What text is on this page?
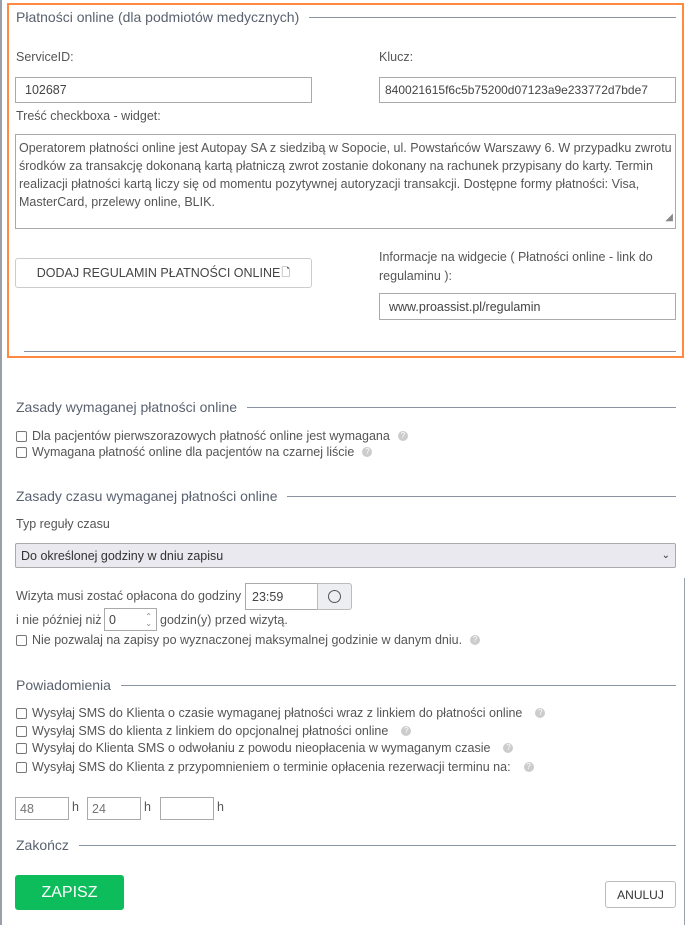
Płatności online (dla podmiotów medycznych)
ServiceID:
102687
Klucz:
840021615f6c5b75200d07123a9e233772d7bde7
Treść checkboxa - widget:
Operatorem płatności online jest Autopay SA z siedzibą w Sopocie, ul. Powstańców Warszawy 6. W przypadku zwrotu środków za transakcję dokonaną kartą płatniczą zwrot zostanie dokonany na rachunek przypisany do karty. Termin realizacji płatności kartą liczy się od momentu pozytywnej autoryzacji transakcji. Dostępne formy płatności: Visa, MasterCard, przelewy online, BLIK.
◢
DODAJ REGULAMIN PŁATNOŚCI ONLINE 🗋
Informacje na widgecie ( Płatności online - link do regulaminu ):
www.proassist.pl/regulamin
Zasady wymaganej płatności online
Dla pacjentów pierwszorazowych płatność online jest wymagana	?
Wymagana płatność online dla pacjentów na czarnej liście	?
Zasady czasu wymaganej płatności online
Typ reguły czasu
Do określonej godziny w dniu zapisu	⌄
Wizyta musi zostać opłacona do godziny 23:59
i nie później niż 0	⌃
⌄ godzin(y) przed wizytą.
Nie pozwalaj na zapisy po wyznaczonej maksymalnej godzinie w danym dniu.	?
Powiadomienia
Wysyłaj SMS do Klienta o czasie wymaganej płatności wraz z linkiem do płatności online	?
Wysyłaj SMS do klienta z linkiem do opcjonalnej płatności online	?
Wysyłaj do Klienta SMS o odwołaniu z powodu nieopłacenia w wymaganym czasie	?
Wysyłaj SMS do Klienta z przypomnieniem o terminie opłacenia rezerwacji terminu na:	?
48
h
24	h	h
Zakończ
ZAPISZ	ANULUJ
